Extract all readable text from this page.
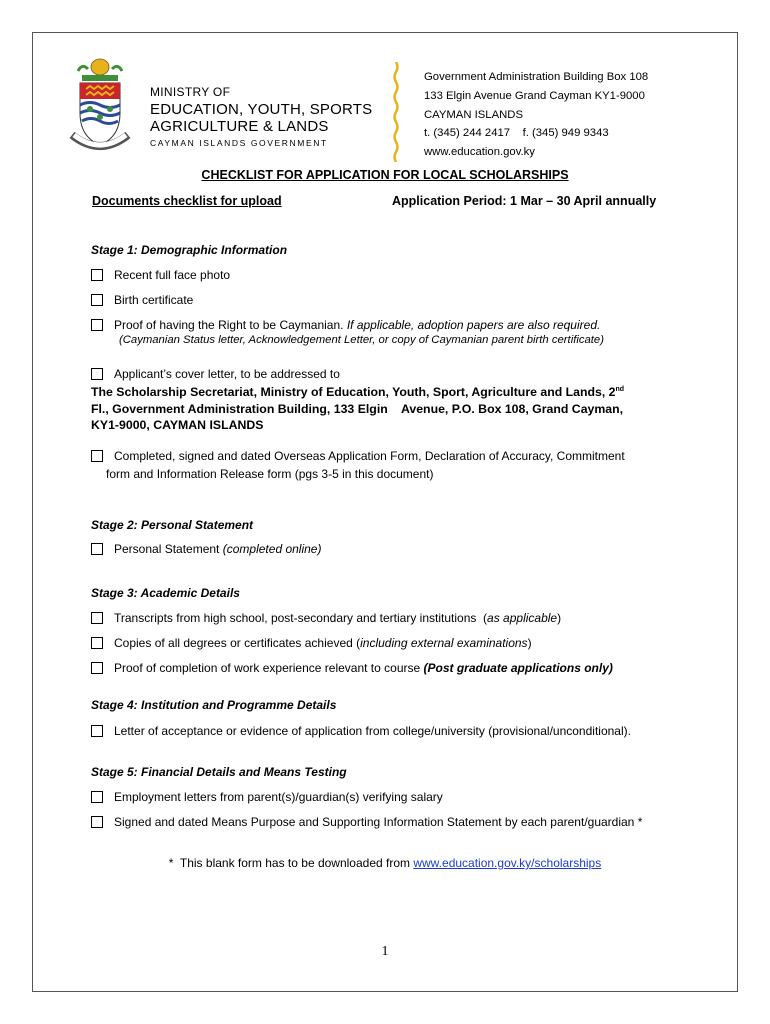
MINISTRY OF
EDUCATION, YOUTH, SPORTS
AGRICULTURE & LANDS
CAYMAN ISLANDS GOVERNMENT
Government Administration Building Box 108
133 Elgin Avenue Grand Cayman KY1-9000
CAYMAN ISLANDS
t. (345) 244 2417    f. (345) 949 9343
www.education.gov.ky
CHECKLIST FOR APPLICATION FOR LOCAL SCHOLARSHIPS
Documents checklist for upload	Application Period: 1 Mar – 30 April annually
Stage 1: Demographic Information
Recent full face photo
Birth certificate
Proof of having the Right to be Caymanian. If applicable, adoption papers are also required.
(Caymanian Status letter, Acknowledgement Letter, or copy of Caymanian parent birth certificate)
Applicant’s cover letter, to be addressed to
The Scholarship Secretariat, Ministry of Education, Youth, Sport, Agriculture and Lands, 2nd
Fl., Government Administration Building, 133 Elgin    Avenue, P.O. Box 108, Grand Cayman,
KY1-9000, CAYMAN ISLANDS
Completed, signed and dated Overseas Application Form, Declaration of Accuracy, Commitment
form and Information Release form (pgs 3-5 in this document)
Stage 2: Personal Statement
Personal Statement (completed online)
Stage 3: Academic Details
Transcripts from high school, post-secondary and tertiary institutions  (as applicable)
Copies of all degrees or certificates achieved (including external examinations)
Proof of completion of work experience relevant to course (Post graduate applications only)
Stage 4: Institution and Programme Details
Letter of acceptance or evidence of application from college/university (provisional/unconditional).
Stage 5: Financial Details and Means Testing
Employment letters from parent(s)/guardian(s) verifying salary
Signed and dated Means Purpose and Supporting Information Statement by each parent/guardian *
*  This blank form has to be downloaded from www.education.gov.ky/scholarships
1
